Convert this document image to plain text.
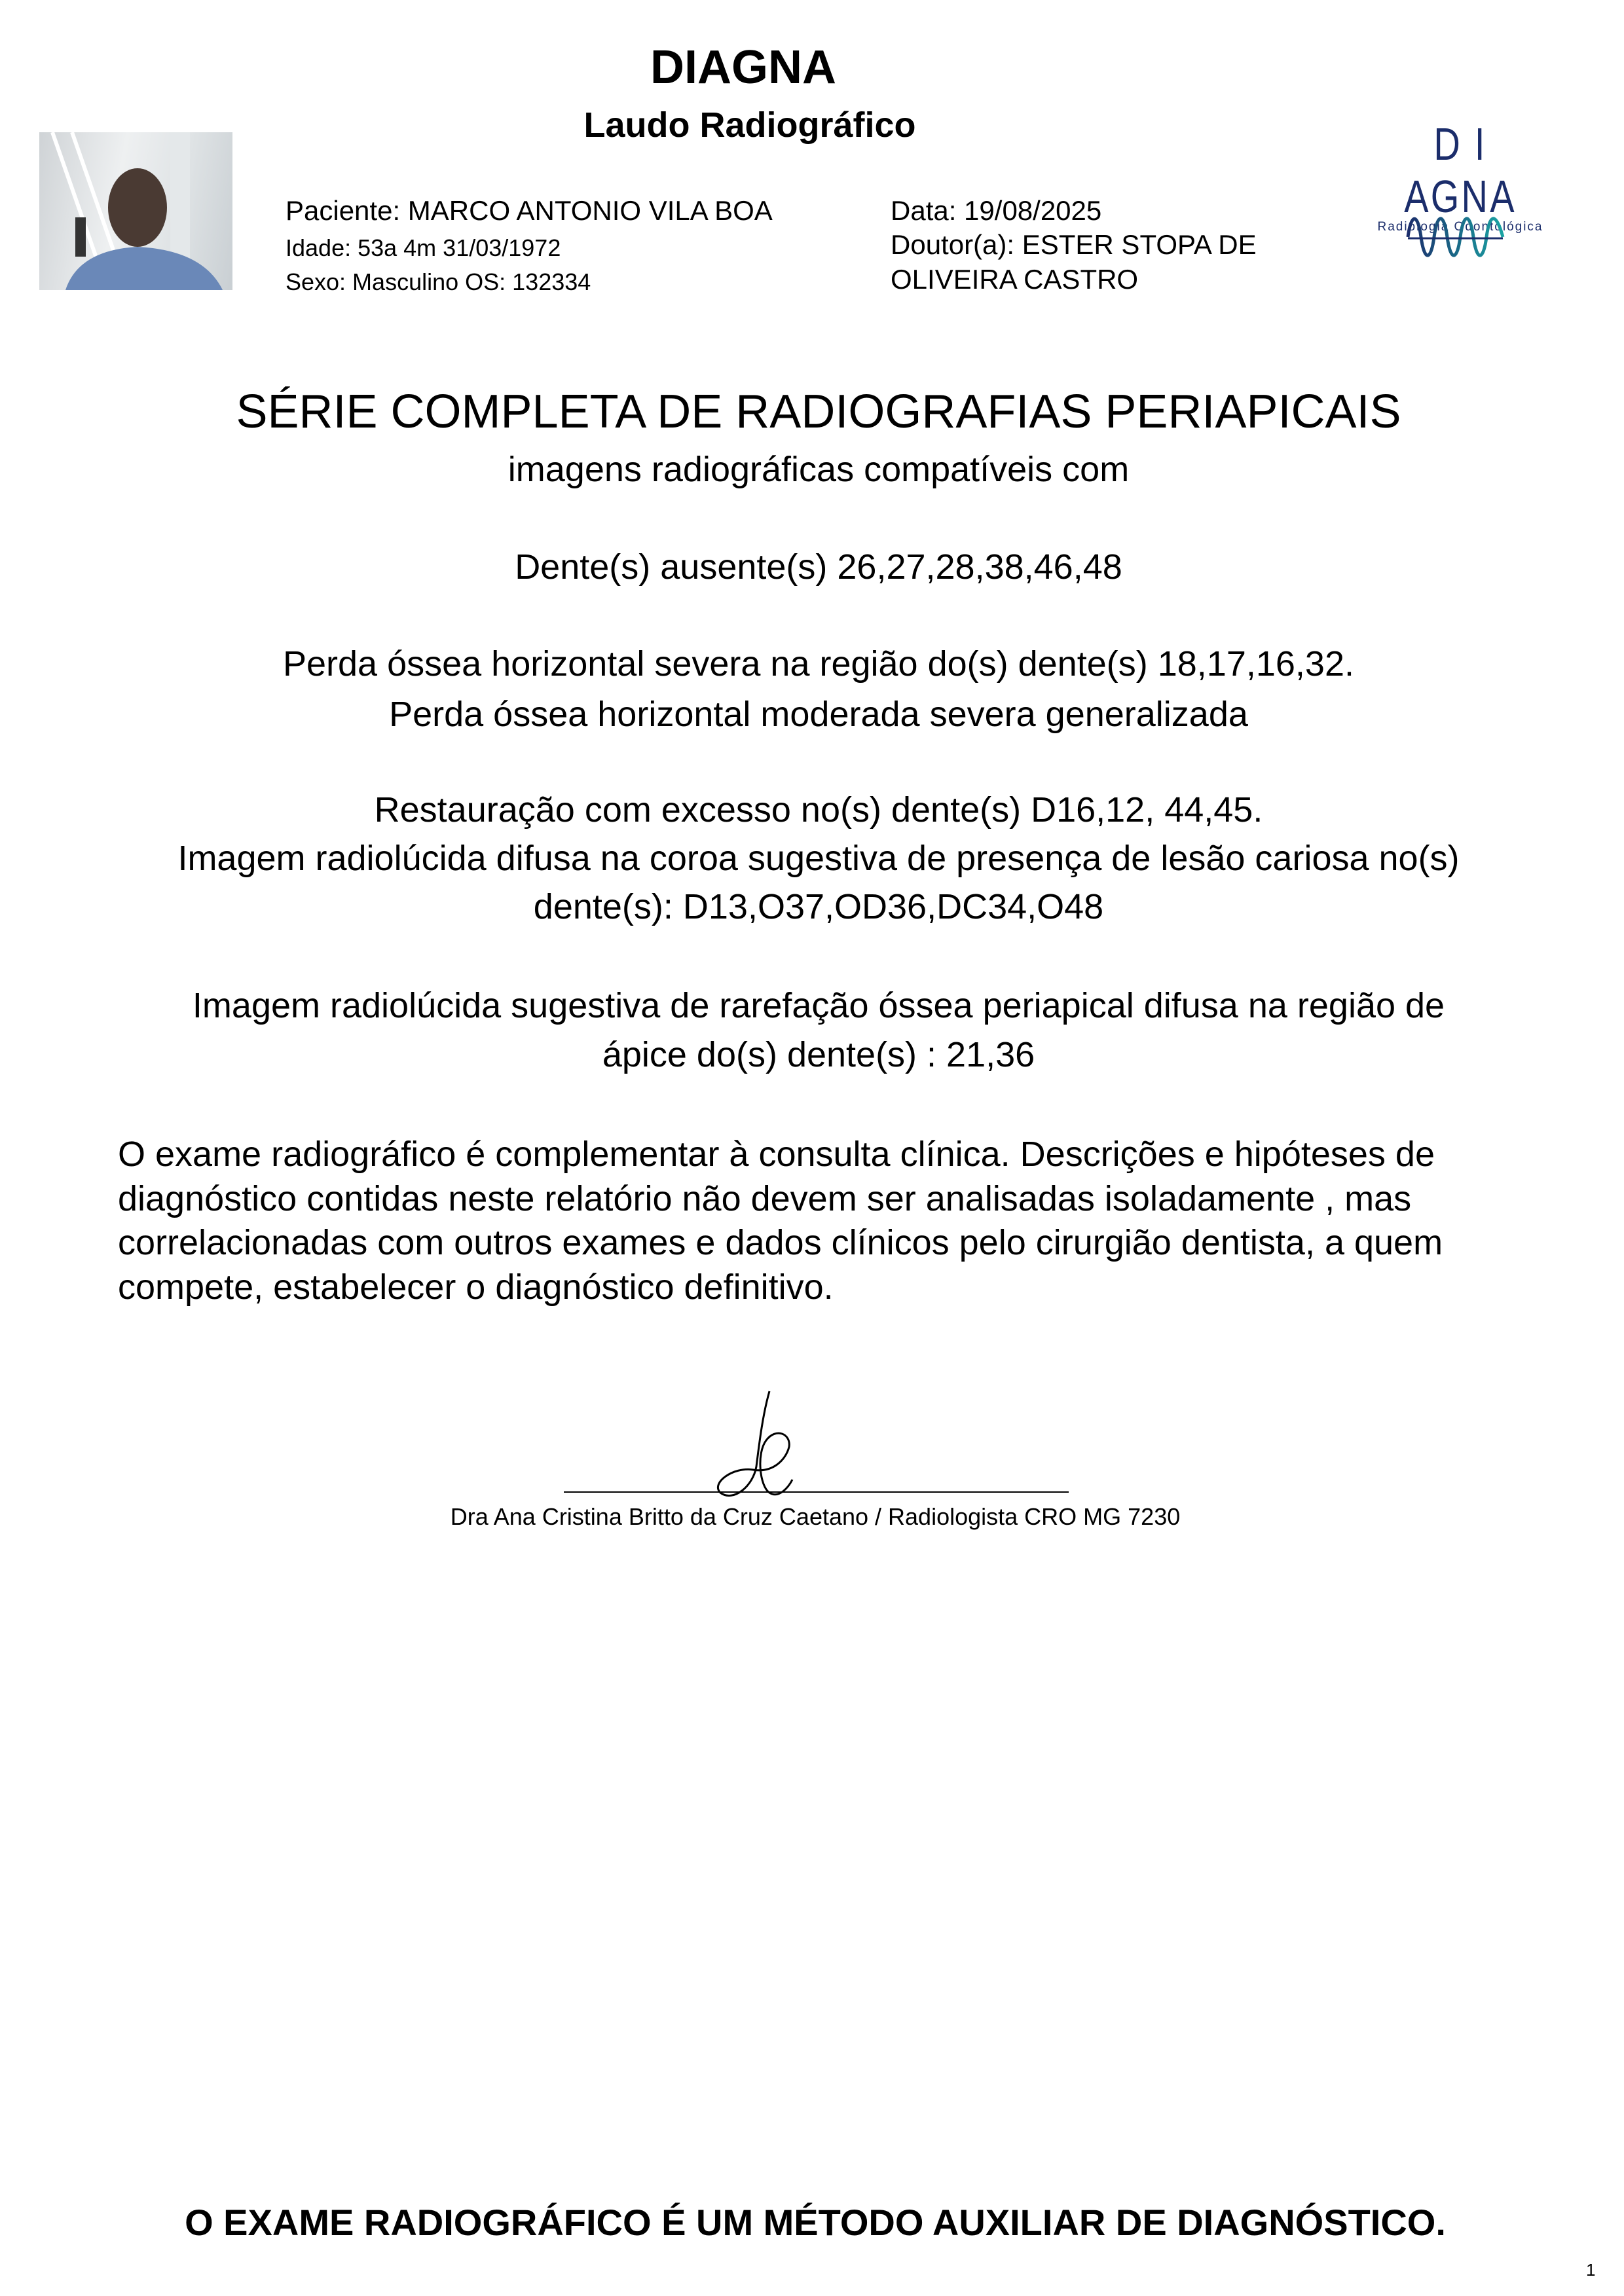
DIAGNA
Laudo Radiográfico
Paciente: MARCO ANTONIO VILA BOA
Idade: 53a 4m 31/03/1972
Sexo: Masculino OS: 132334
Data: 19/08/2025
Doutor(a): ESTER STOPA DE
OLIVEIRA CASTRO
D I AGNA
Radiologia Odontológica
SÉRIE COMPLETA DE RADIOGRAFIAS PERIAPICAIS
imagens radiográficas compatíveis com
Dente(s) ausente(s) 26,27,28,38,46,48
Perda óssea horizontal severa na região do(s) dente(s) 18,17,16,32.
Perda óssea horizontal moderada severa generalizada
Restauração com excesso no(s) dente(s) D16,12, 44,45.
Imagem radiolúcida difusa na coroa sugestiva de presença de lesão cariosa no(s)
dente(s): D13,O37,OD36,DC34,O48
Imagem radiolúcida sugestiva de rarefação óssea periapical difusa na região de
ápice do(s) dente(s) : 21,36
O exame radiográfico é complementar à consulta clínica. Descrições e hipóteses de diagnóstico contidas neste relatório não devem ser analisadas isoladamente , mas correlacionadas com outros exames e dados clínicos pelo cirurgião dentista, a quem compete, estabelecer o diagnóstico definitivo.
Dra Ana Cristina Britto da Cruz Caetano / Radiologista CRO MG 7230
O EXAME RADIOGRÁFICO É UM MÉTODO AUXILIAR DE DIAGNÓSTICO.
1
